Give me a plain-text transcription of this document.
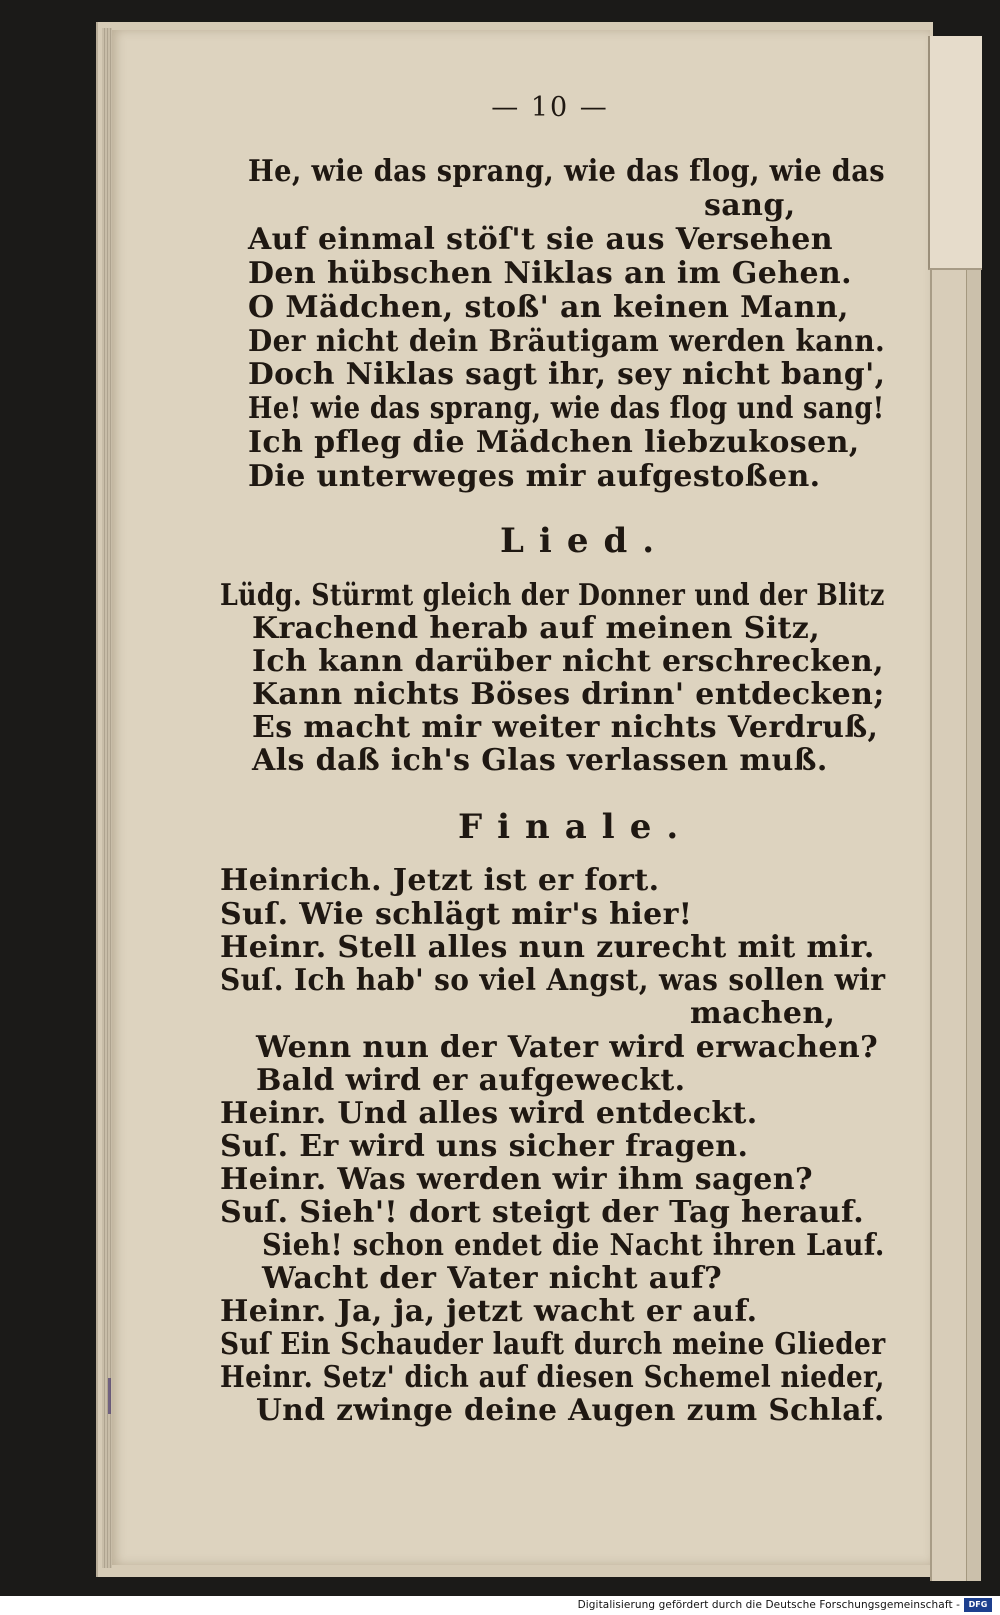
— 10 —
He, wie das sprang, wie das flog, wie das
sang,
Auf einmal stöſ't sie aus Versehen
Den hübschen Niklas an im Gehen.
O Mädchen, stoß' an keinen Mann,
Der nicht dein Bräutigam werden kann.
Doch Niklas sagt ihr, sey nicht bang',
He! wie das sprang, wie das flog und sang!
Ich pfleg die Mädchen liebzukosen,
Die unterweges mir aufgestoßen.
Lied.
Lüdg. Stürmt gleich der Donner und der Blitz
Krachend herab auf meinen Sitz,
Ich kann darüber nicht erschrecken,
Kann nichts Böses drinn' entdecken;
Es macht mir weiter nichts Verdruß,
Als daß ich's Glas verlassen muß.
Finale.
Heinrich. Jetzt ist er fort.
Suſ. Wie schlägt mir's hier!
Heinr. Stell alles nun zurecht mit mir.
Suſ. Ich hab' so viel Angst, was sollen wir
machen,
Wenn nun der Vater wird erwachen?
Bald wird er aufgeweckt.
Heinr. Und alles wird entdeckt.
Suſ. Er wird uns sicher fragen.
Heinr. Was werden wir ihm sagen?
Suſ. Sieh'! dort steigt der Tag herauf.
Sieh! schon endet die Nacht ihren Lauf.
Wacht der Vater nicht auf?
Heinr. Ja, ja, jetzt wacht er auf.
Suſ Ein Schauder lauft durch meine Glieder
Heinr. Setz' dich auf diesen Schemel nieder,
Und zwinge deine Augen zum Schlaf.
Digitalisierung gefördert durch die Deutsche Forschungsgemeinschaft -	DFG
